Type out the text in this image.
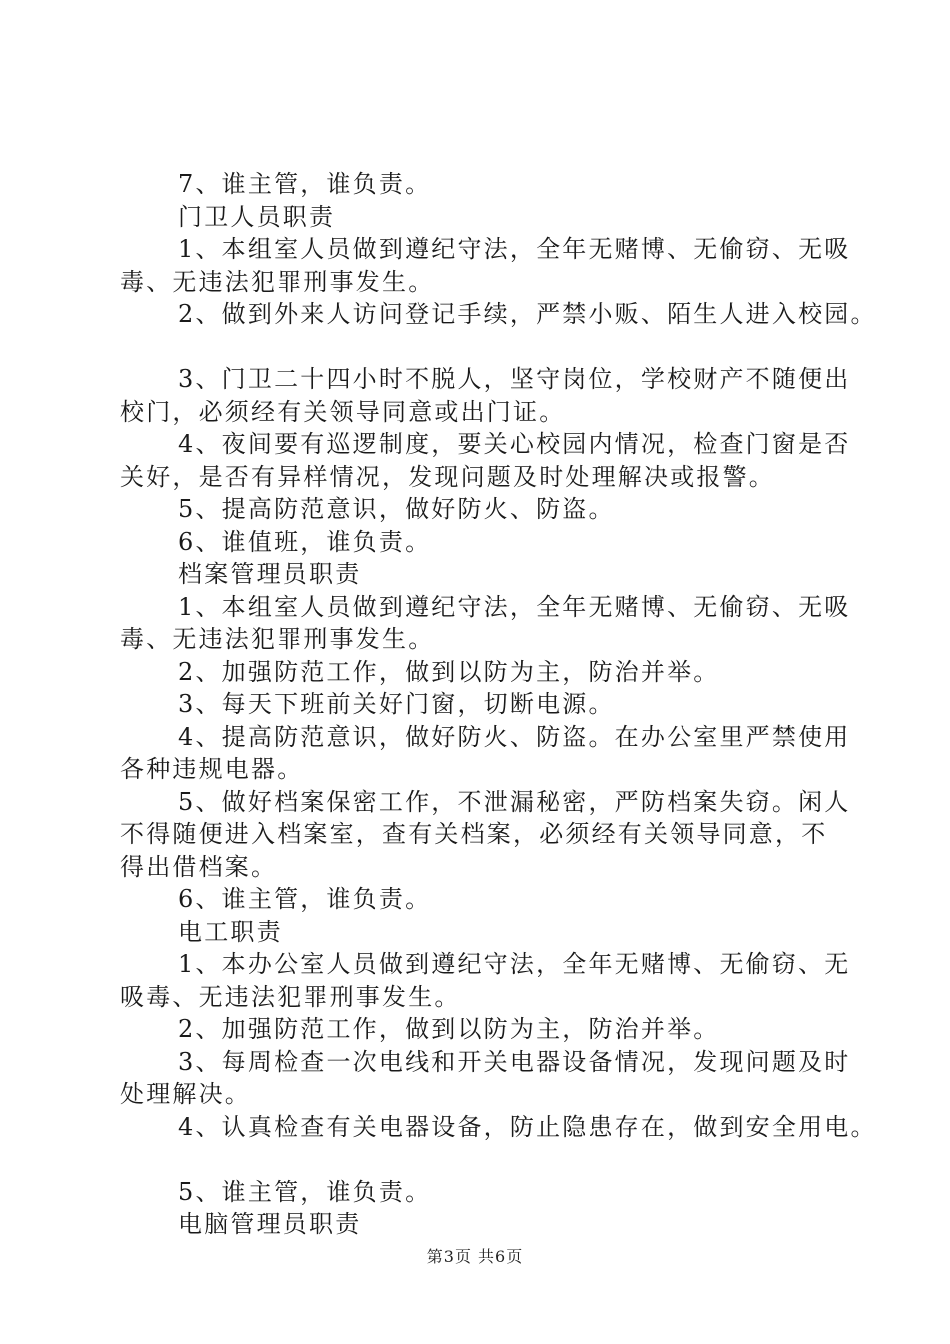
7、谁主管，谁负责。
门卫人员职责
1、本组室人员做到遵纪守法，全年无赌博、无偷窃、无吸
毒、无违法犯罪刑事发生。
2、做到外来人访问登记手续，严禁小贩、陌生人进入校园。
3、门卫二十四小时不脱人，坚守岗位，学校财产不随便出
校门，必须经有关领导同意或出门证。
4、夜间要有巡逻制度，要关心校园内情况，检查门窗是否
关好，是否有异样情况，发现问题及时处理解决或报警。
5、提高防范意识，做好防火、防盗。
6、谁值班，谁负责。
档案管理员职责
1、本组室人员做到遵纪守法，全年无赌博、无偷窃、无吸
毒、无违法犯罪刑事发生。
2、加强防范工作，做到以防为主，防治并举。
3、每天下班前关好门窗，切断电源。
4、提高防范意识，做好防火、防盗。在办公室里严禁使用
各种违规电器。
5、做好档案保密工作，不泄漏秘密，严防档案失窃。闲人
不得随便进入档案室，查有关档案，必须经有关领导同意，不
得出借档案。
6、谁主管，谁负责。
电工职责
1、本办公室人员做到遵纪守法，全年无赌博、无偷窃、无
吸毒、无违法犯罪刑事发生。
2、加强防范工作，做到以防为主，防治并举。
3、每周检查一次电线和开关电器设备情况，发现问题及时
处理解决。
4、认真检查有关电器设备，防止隐患存在，做到安全用电。
5、谁主管，谁负责。
电脑管理员职责
第3页 共6页
